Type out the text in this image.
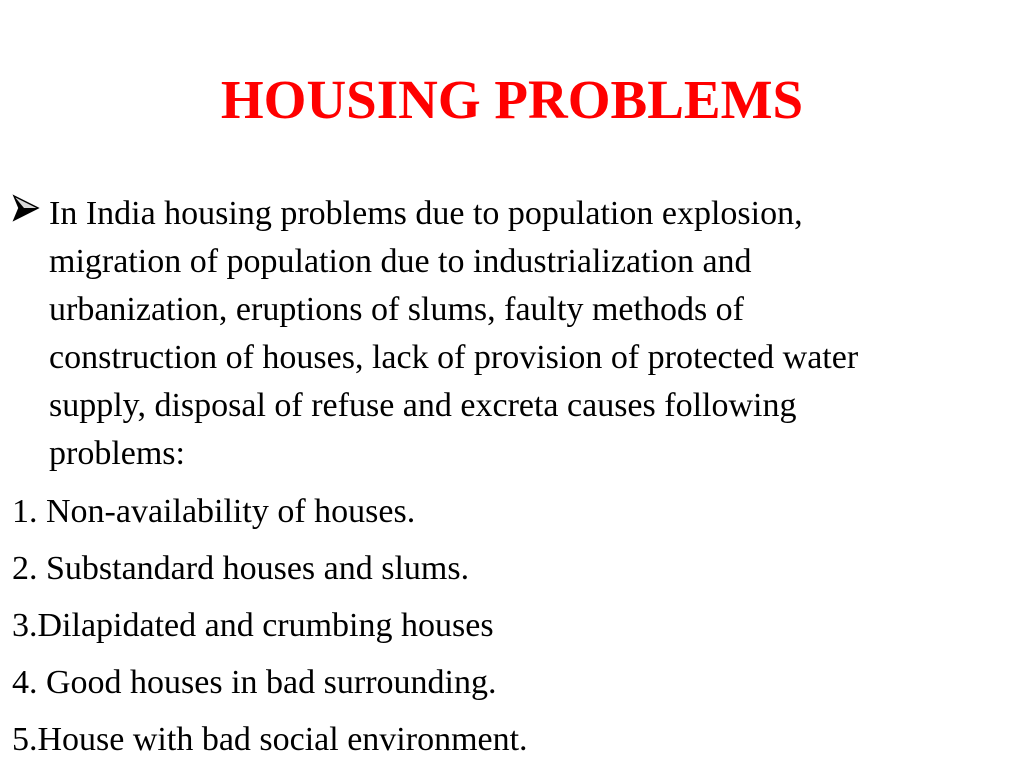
HOUSING PROBLEMS
In India housing problems due to population explosion,
migration of population due to industrialization and
urbanization, eruptions of slums, faulty methods of
construction of houses, lack of provision of protected water
supply, disposal of refuse and excreta causes following
problems:
1. Non-availability of houses.
2. Substandard houses and slums.
3.Dilapidated and crumbing houses
4. Good houses in bad surrounding.
5.House with bad social environment.
